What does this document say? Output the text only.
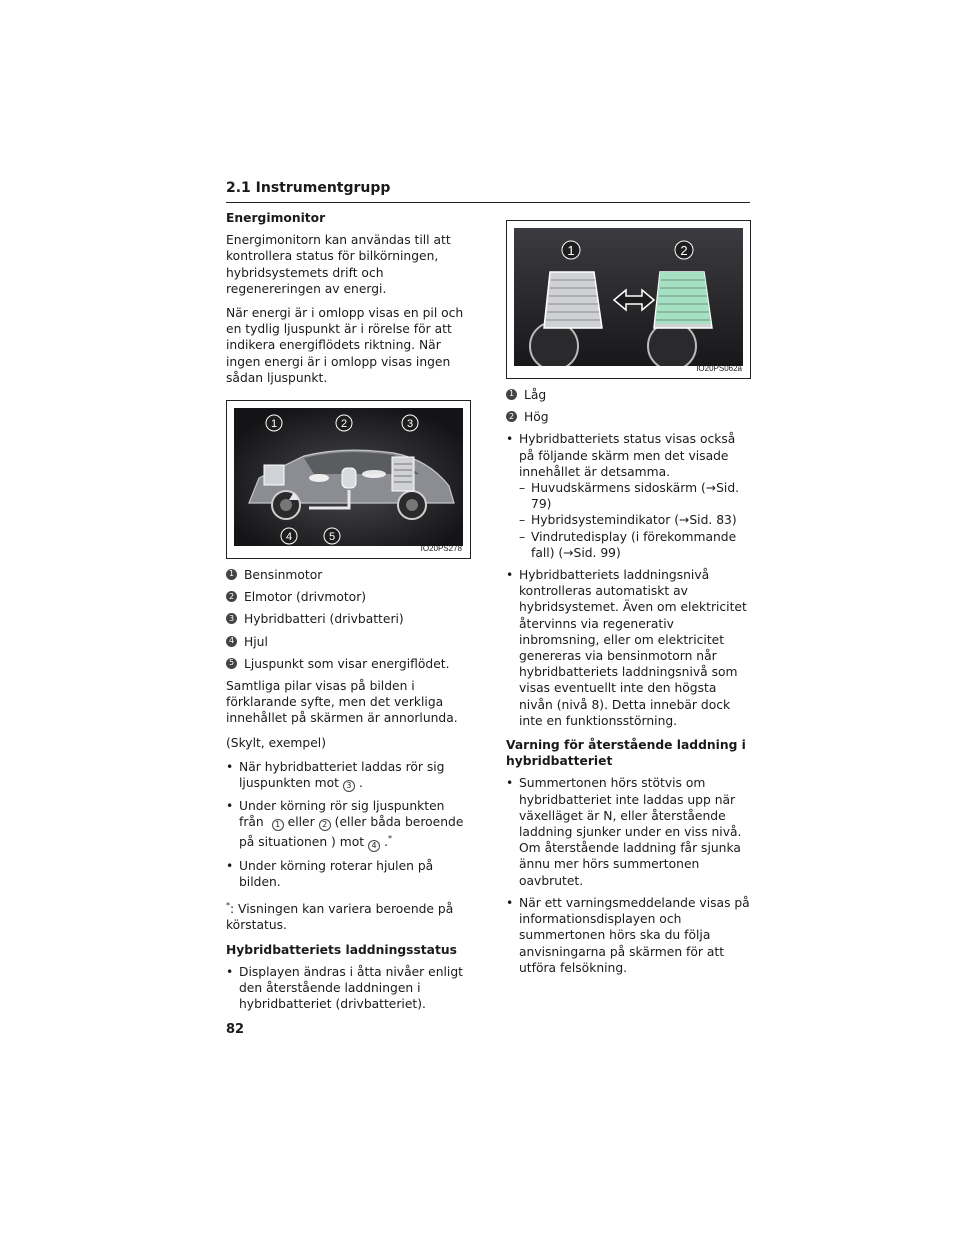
2.1 Instrumentgrupp

Energimonitor

Energimonitorn kan användas till att kontrollera status för bilkörningen, hybridsystemets drift och regenereringen av energi.

När energi är i omlopp visas en pil och en tydlig ljuspunkt är i rörelse för att indikera energiflödets riktning. När ingen energi är i omlopp visas ingen sådan ljuspunkt.

1	2	3
4	5
IO20PS278
1 Bensinmotor
2 Elmotor (drivmotor)
3 Hybridbatteri (drivbatteri)
4 Hjul
5 Ljuspunkt som visar energiflödet.

Samtliga pilar visas på bilden i förklarande syfte, men det verkliga innehållet på skärmen är annorlunda.

(Skylt, exempel)

• När hybridbatteriet laddas rör sig ljuspunkten mot 3 .
• Under körning rör sig ljuspunkten från 1 eller 2 (eller båda beroende på situationen ) mot 4 .*
• Under körning roterar hjulen på bilden.

*: Visningen kan variera beroende på körstatus.

Hybridbatteriets laddningsstatus

• Displayen ändras i åtta nivåer enligt den återstående laddningen i hybridbatteriet (drivbatteriet).
1	2
IO20PS062a
1 Låg
2 Hög
• Hybridbatteriets status visas också på följande skärm men det visade innehållet är detsamma.
– Huvudskärmens sidoskärm (→Sid. 79)
– Hybridsystemindikator (→Sid. 83)
– Vindrutedisplay (i förekommande fall) (→Sid. 99)
• Hybridbatteriets laddningsnivå kontrolleras automatiskt av hybridsystemet. Även om elektricitet återvinns via regenerativ inbromsning, eller om elektricitet genereras via bensinmotorn når hybridbatteriets laddningsnivå som visas eventuellt inte den högsta nivån (nivå 8). Detta innebär dock inte en funktionsstörning.

Varning för återstående laddning i hybridbatteriet

• Summertonen hörs stötvis om hybridbatteriet inte laddas upp när växelläget är N, eller återstående laddning sjunker under en viss nivå. Om återstående laddning får sjunka ännu mer hörs summertonen oavbrutet.
• När ett varningsmeddelande visas på informationsdisplayen och summertonen hörs ska du följa anvisningarna på skärmen för att utföra felsökning.
82
